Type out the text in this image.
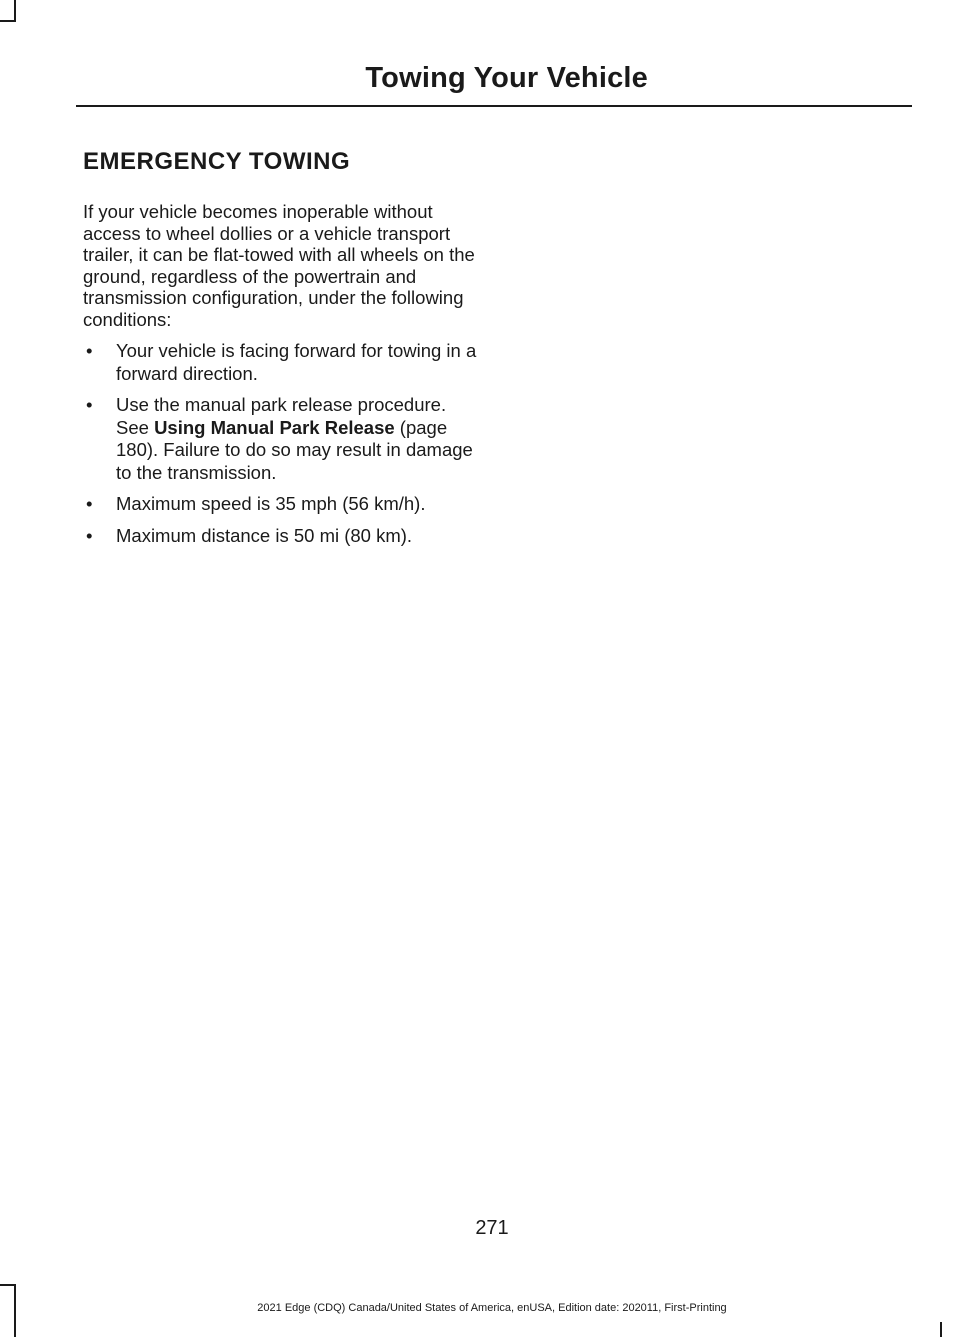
Towing Your Vehicle
EMERGENCY TOWING

If your vehicle becomes inoperable without access to wheel dollies or a vehicle transport trailer, it can be flat-towed with all wheels on the ground, regardless of the powertrain and transmission configuration, under the following conditions:

• Your vehicle is facing forward for towing in a forward direction.
• Use the manual park release procedure. See Using Manual Park Release (page 180). Failure to do so may result in damage to the transmission.
• Maximum speed is 35 mph (56 km/h).
• Maximum distance is 50 mi (80 km).
271
2021 Edge (CDQ) Canada/United States of America, enUSA, Edition date: 202011, First-Printing
